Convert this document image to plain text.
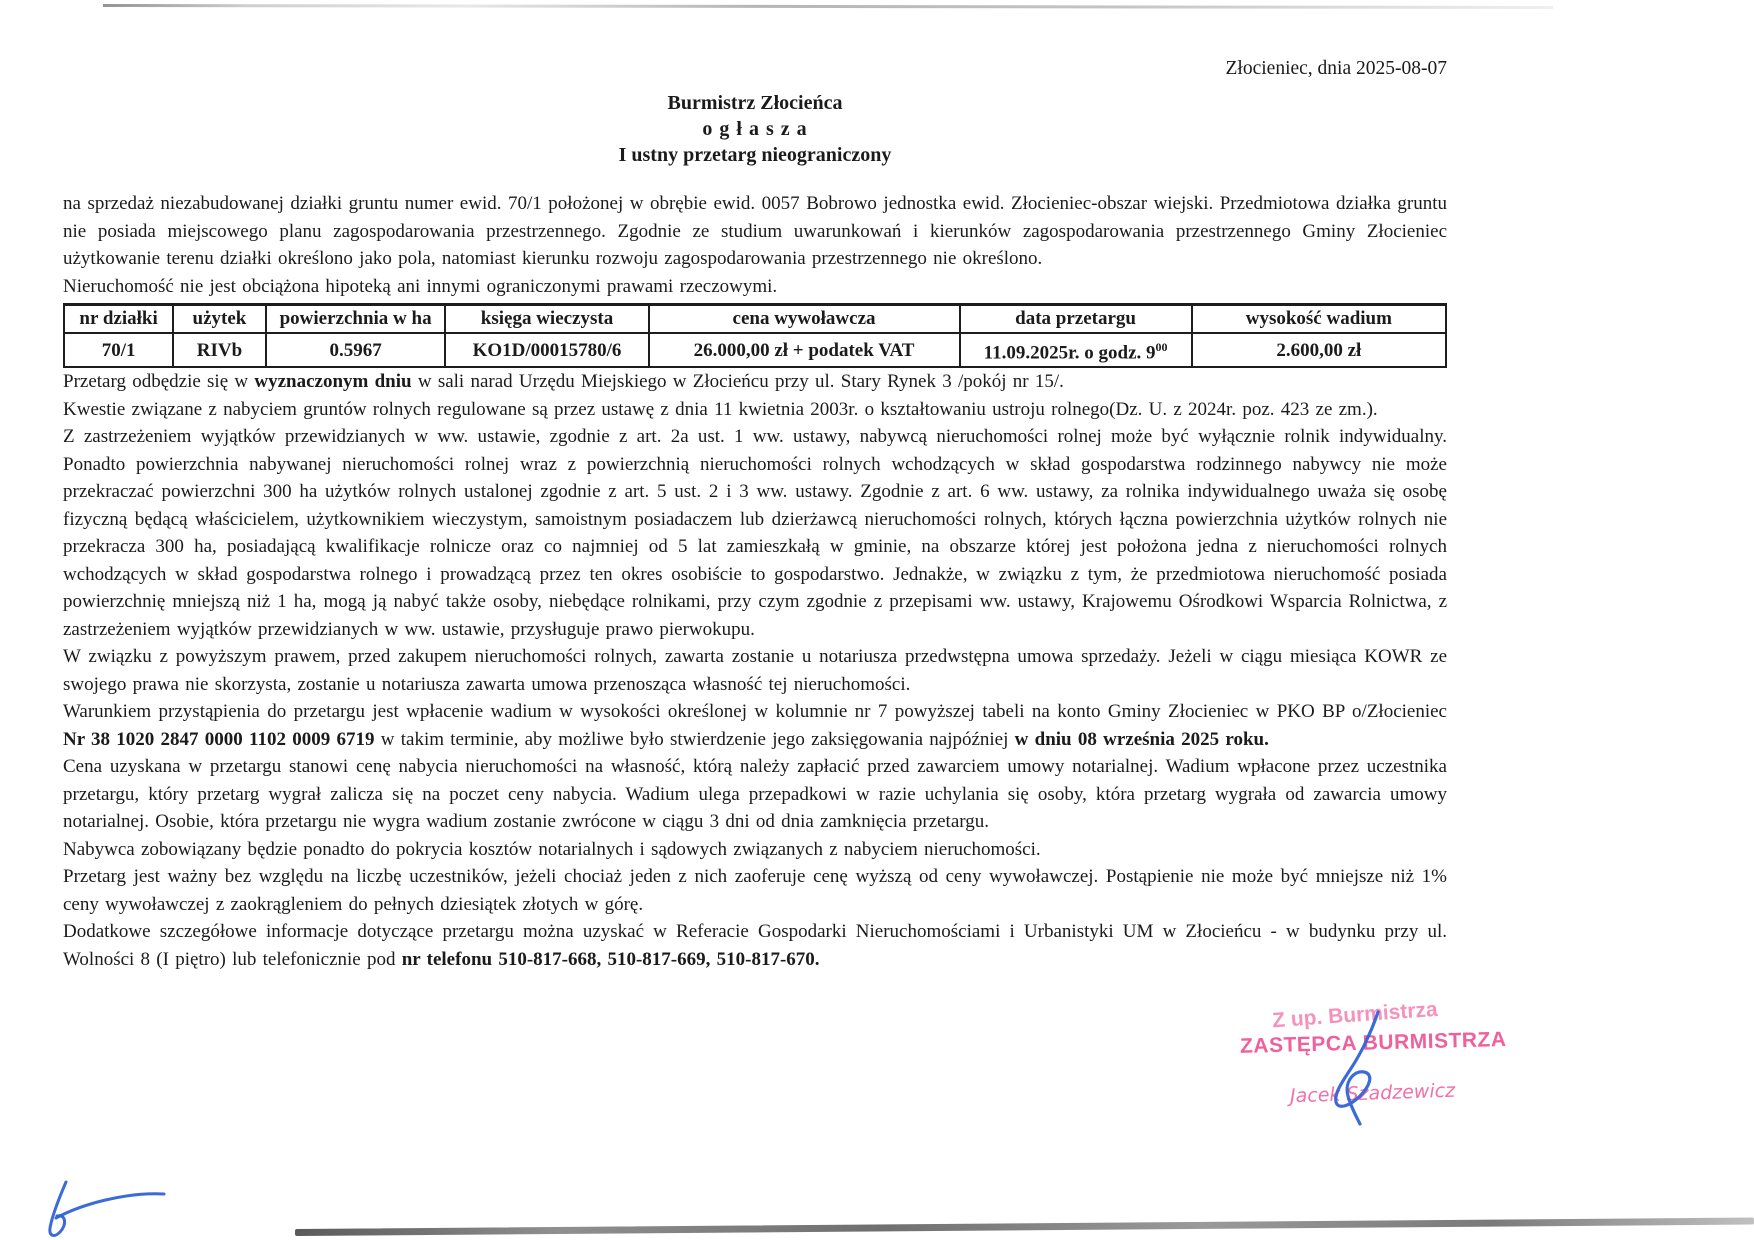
Złocieniec, dnia 2025-08-07
Burmistrz Złocieńca
o g ł a s z a
I ustny przetarg nieograniczony

na sprzedaż niezabudowanej działki gruntu numer ewid. 70/1 położonej w obrębie ewid. 0057 Bobrowo jednostka ewid. Złocieniec-obszar wiejski. Przedmiotowa działka gruntu nie posiada miejscowego planu zagospodarowania przestrzennego. Zgodnie ze studium uwarunkowań i kierunków zagospodarowania przestrzennego Gminy Złocieniec użytkowanie terenu działki określono jako pola, natomiast kierunku rozwoju zagospodarowania przestrzennego nie określono.

Nieruchomość nie jest obciążona hipoteką ani innymi ograniczonymi prawami rzeczowymi.

nr działki	użytek	powierzchnia w ha	księga wieczysta	cena wywoławcza	data przetargu	wysokość wadium
70/1	RIVb	0.5967	KO1D/00015780/6	26.000,00 zł + podatek VAT	11.09.2025r. o godz. $9^{00}$	2.600,00 zł

Przetarg odbędzie się w wyznaczonym dniu w sali narad Urzędu Miejskiego w Złocieńcu przy ul. Stary Rynek 3 /pokój nr 15/.

Kwestie związane z nabyciem gruntów rolnych regulowane są przez ustawę z dnia 11 kwietnia 2003r. o kształtowaniu ustroju rolnego(Dz. U. z 2024r. poz. 423 ze zm.).

Z zastrzeżeniem wyjątków przewidzianych w ww. ustawie, zgodnie z art. 2a ust. 1 ww. ustawy, nabywcą nieruchomości rolnej może być wyłącznie rolnik indywidualny. Ponadto powierzchnia nabywanej nieruchomości rolnej wraz z powierzchnią nieruchomości rolnych wchodzących w skład gospodarstwa rodzinnego nabywcy nie może przekraczać powierzchni 300 ha użytków rolnych ustalonej zgodnie z art. 5 ust. 2 i 3 ww. ustawy. Zgodnie z art. 6 ww. ustawy, za rolnika indywidualnego uważa się osobę fizyczną będącą właścicielem, użytkownikiem wieczystym, samoistnym posiadaczem lub dzierżawcą nieruchomości rolnych, których łączna powierzchnia użytków rolnych nie przekracza 300 ha, posiadającą kwalifikacje rolnicze oraz co najmniej od 5 lat zamieszkałą w gminie, na obszarze której jest położona jedna z nieruchomości rolnych wchodzących w skład gospodarstwa rolnego i prowadzącą przez ten okres osobiście to gospodarstwo. Jednakże, w związku z tym, że przedmiotowa nieruchomość posiada powierzchnię mniejszą niż 1 ha, mogą ją nabyć także osoby, niebędące rolnikami, przy czym zgodnie z przepisami ww. ustawy, Krajowemu Ośrodkowi Wsparcia Rolnictwa, z zastrzeżeniem wyjątków przewidzianych w ww. ustawie, przysługuje prawo pierwokupu.

W związku z powyższym prawem, przed zakupem nieruchomości rolnych, zawarta zostanie u notariusza przedwstępna umowa sprzedaży. Jeżeli w ciągu miesiąca KOWR ze swojego prawa nie skorzysta, zostanie u notariusza zawarta umowa przenosząca własność tej nieruchomości.

Warunkiem przystąpienia do przetargu jest wpłacenie wadium w wysokości określonej w kolumnie nr 7 powyższej tabeli na konto Gminy Złocieniec w PKO BP o/Złocieniec Nr 38 1020 2847 0000 1102 0009 6719 w takim terminie, aby możliwe było stwierdzenie jego zaksięgowania najpóźniej w dniu 08 września 2025 roku.

Cena uzyskana w przetargu stanowi cenę nabycia nieruchomości na własność, którą należy zapłacić przed zawarciem umowy notarialnej. Wadium wpłacone przez uczestnika przetargu, który przetarg wygrał zalicza się na poczet ceny nabycia. Wadium ulega przepadkowi w razie uchylania się osoby, która przetarg wygrała od zawarcia umowy notarialnej. Osobie, która przetargu nie wygra wadium zostanie zwrócone w ciągu 3 dni od dnia zamknięcia przetargu.

Nabywca zobowiązany będzie ponadto do pokrycia kosztów notarialnych i sądowych związanych z nabyciem nieruchomości.

Przetarg jest ważny bez względu na liczbę uczestników, jeżeli chociaż jeden z nich zaoferuje cenę wyższą od ceny wywoławczej. Postąpienie nie może być mniejsze niż 1% ceny wywoławczej z zaokrągleniem do pełnych dziesiątek złotych w górę.

Dodatkowe szczegółowe informacje dotyczące przetargu można uzyskać w Referacie Gospodarki Nieruchomościami i Urbanistyki UM w Złocieńcu - w budynku przy ul. Wolności 8 (I piętro) lub telefonicznie pod nr telefonu 510-817-668, 510-817-669, 510-817-670.

Z up. Burmistrza
ZASTĘPCA BURMISTRZA
Jacek Szadzewicz
